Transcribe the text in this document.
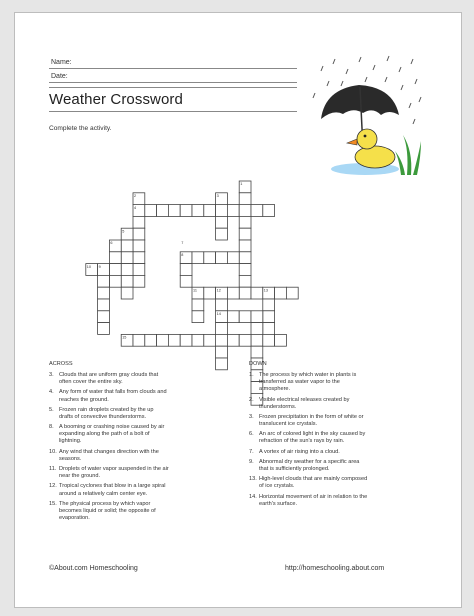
Name:
Date:
Weather Crossword
Complete the activity.
1
2	3
4
5
6	7
8
9
10
11	12	13
14
15
ACROSS
3. Clouds that are uniform gray clouds that often cover the entire sky.
4. Any form of water that falls from clouds and reaches the ground.
5. Frozen rain droplets created by the up drafts of convective thunderstorms.
8. A booming or crashing noise caused by air expanding along the path of a bolt of lightning.
10. Any wind that changes direction with the seasons.
11. Droplets of water vapor suspended in the air near the ground.
12. Tropical cyclones that blow in a large spiral around a relatively calm center eye.
15. The physical process by which vapor becomes liquid or solid; the opposite of evaporation.
DOWN
1. The process by which water in plants is transferred as water vapor to the atmosphere.
2. Visible electrical releases created by thunderstorms.
3. Frozen precipitation in the form of white or translucent ice crystals.
6. An arc of colored light in the sky caused by refraction of the sun's rays by rain.
7. A vortex of air rising into a cloud.
9. Abnormal dry weather for a specific area that is sufficiently prolonged.
13. High-level clouds that are mainly composed of ice crystals.
14. Horizontal movement of air in relation to the earth's surface.
©About.com Homeschooling	http://homeschooling.about.com
